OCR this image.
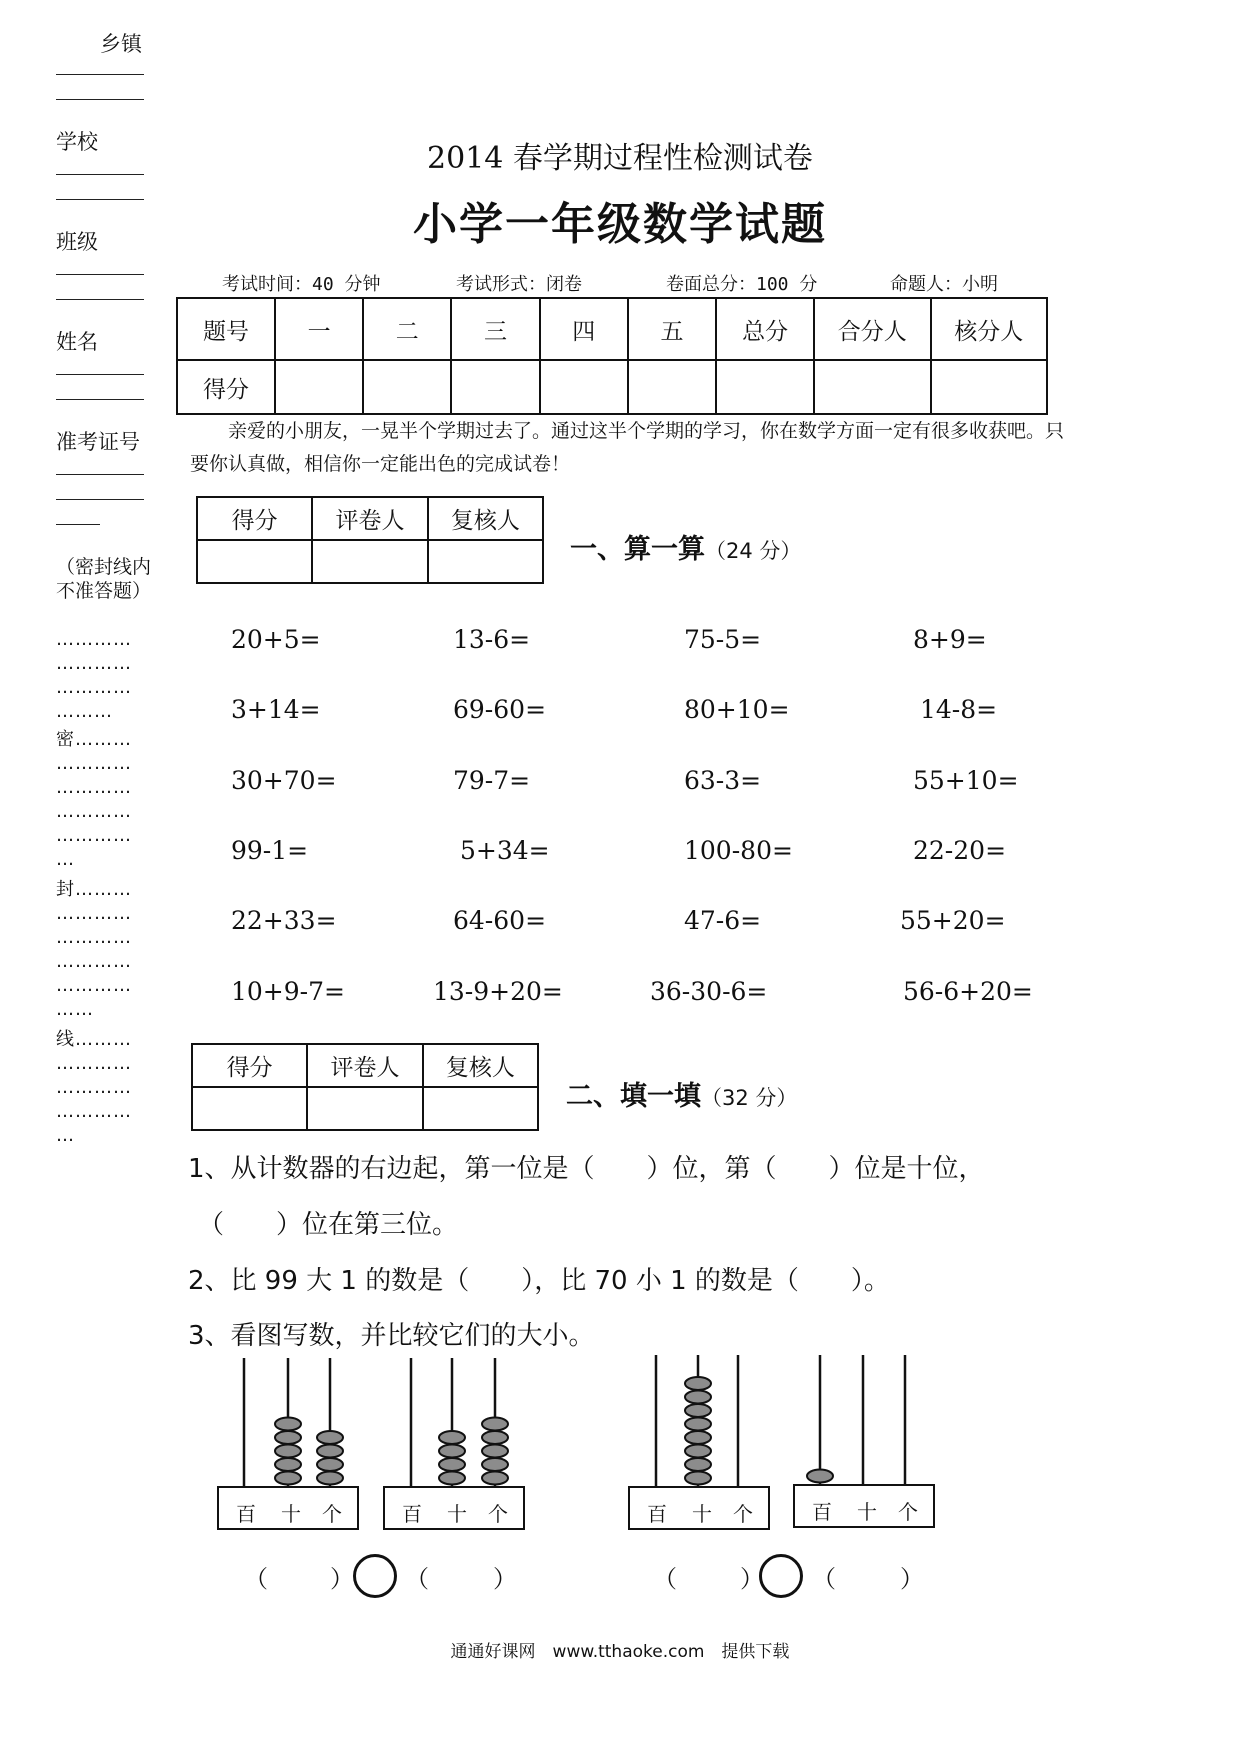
乡镇
学校
班级
姓名
准考证号
（密封线内不准答题）
…………
…………
…………
………
密………
…………
…………
…………
…………
…
封………
…………
…………
…………
…………
……
线………
…………
…………
…………
…
2014 春学期过程性检测试卷
小学一年级数学试题
考试时间：40 分钟	考试形式：闭卷	卷面总分：100 分	命题人：小明
题号	一	二	三	四	五	总分	合分人	核分人
得分								
亲爱的小朋友，一晃半个学期过去了。通过这半个学期的学习，你在数学方面一定有很多收获吧。只要你认真做，相信你一定能出色的完成试卷！
得分	评卷人	复核人

一、算一算（24 分）
20+5=	13-6=	75-5=	8+9=
3+14=	69-60=	80+10=	14-8=
30+70=	79-7=	63-3=	55+10=
99-1=	5+34=	100-80=	22-20=
22+33=	64-60=	47-6=	55+20=
10+9-7=	13-9+20=	36-30-6=	56-6+20=
得分	评卷人	复核人

二、填一填（32 分）
1、从计数器的右边起，第一位是（　　）位，第（　　）位是十位，
（　　）位在第三位。
2、比 99 大 1 的数是（　　），比 70 小 1 的数是（　　）。
3、看图写数，并比较它们的大小。
百 十 个	百 十 个	百 十 个	百 十 个
（	） （	）	（	） （	）
通通好课网　www.tthaoke.com　提供下载
